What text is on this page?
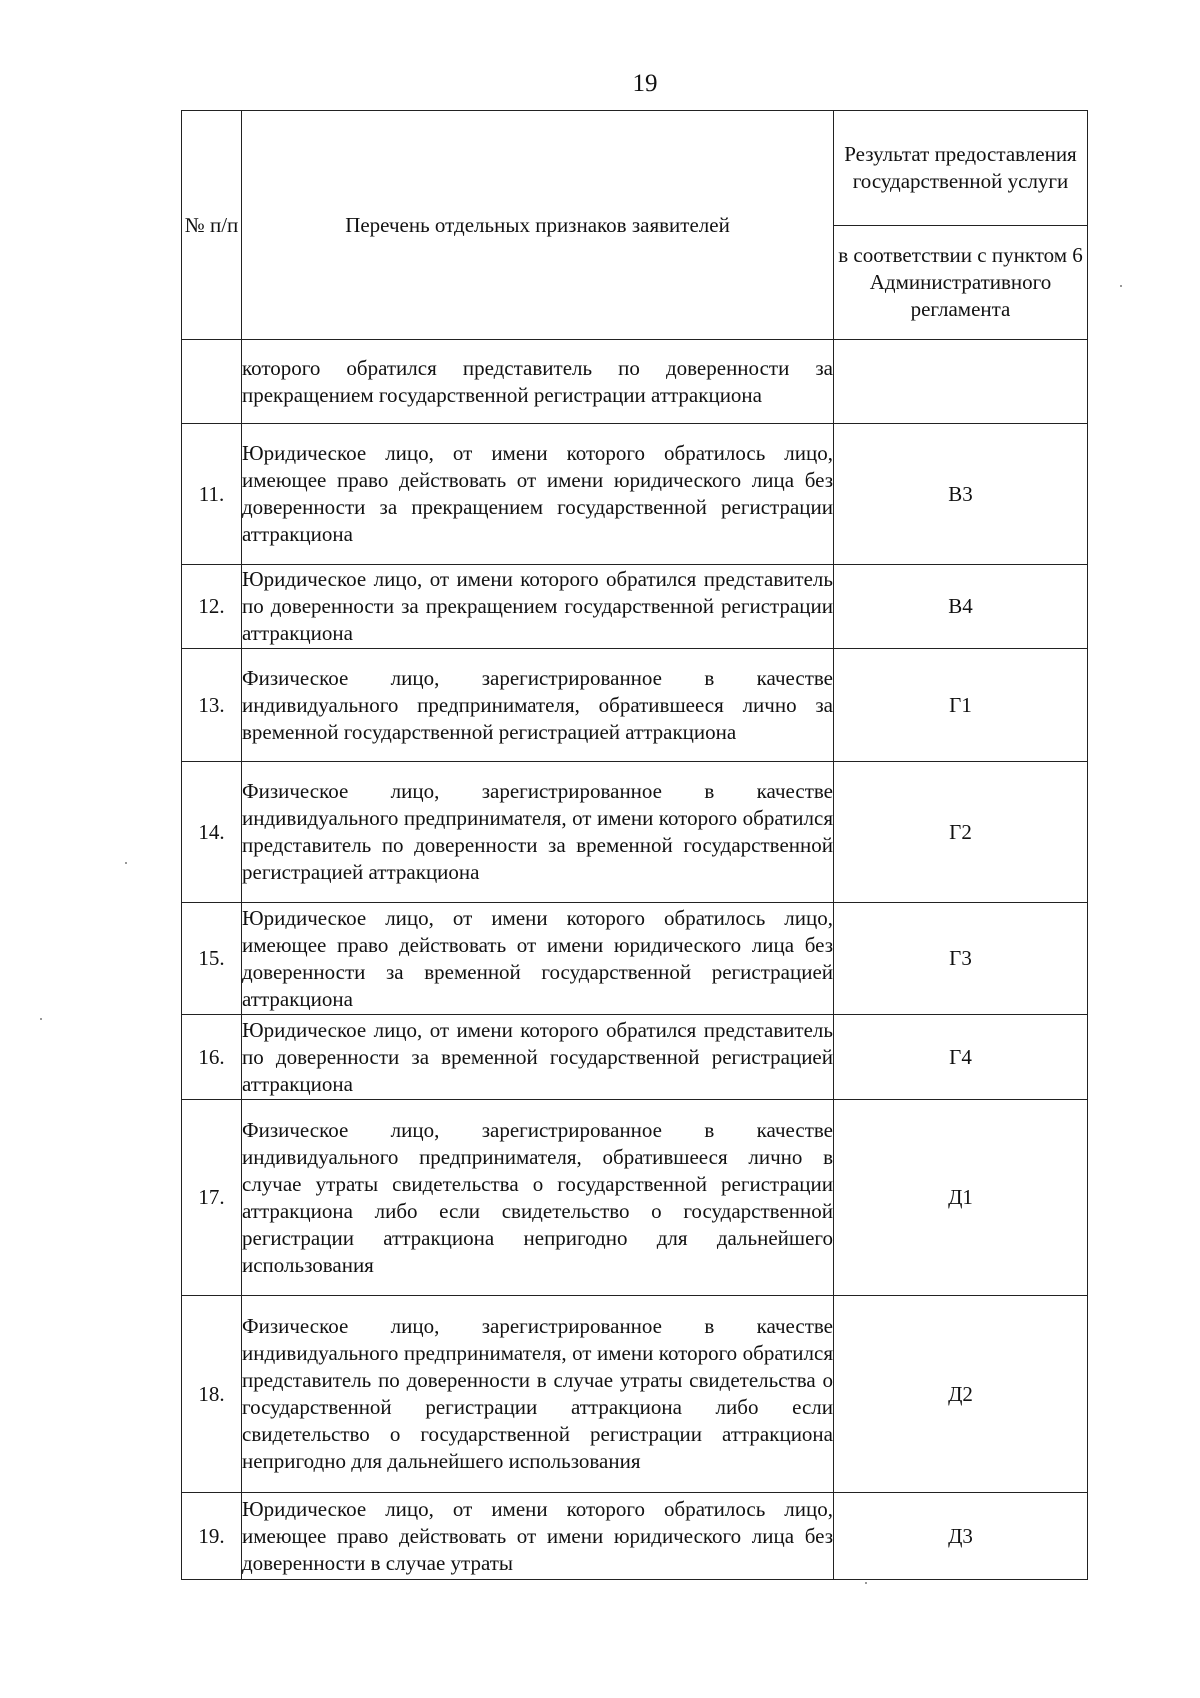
19
№ п/п	Перечень отдельных признаков заявителей	Результат предоставления государственной услуги
		в соответствии с пунктом 6 Административного регламента
	которого обратился представитель по доверенности за прекращением государственной регистрации аттракциона	
11.	Юридическое лицо, от имени которого обратилось лицо, имеющее право действовать от имени юридического лица без доверенности за прекращением государственной регистрации аттракциона	В3
12.	Юридическое лицо, от имени которого обратился представитель по доверенности за прекращением государственной регистрации аттракциона	В4
13.	Физическое лицо, зарегистрированное в качестве индивидуального предпринимателя, обратившееся лично за временной государственной регистрацией аттракциона	Г1
14.	Физическое лицо, зарегистрированное в качестве индивидуального предпринимателя, от имени которого обратился представитель по доверенности за временной государственной регистрацией аттракциона	Г2
15.	Юридическое лицо, от имени которого обратилось лицо, имеющее право действовать от имени юридического лица без доверенности за временной государственной регистрацией аттракциона	Г3
16.	Юридическое лицо, от имени которого обратился представитель по доверенности за временной государственной регистрацией аттракциона	Г4
17.	Физическое лицо, зарегистрированное в качестве индивидуального предпринимателя, обратившееся лично в случае утраты свидетельства о государственной регистрации аттракциона либо если свидетельство о государственной регистрации аттракциона непригодно для дальнейшего использования	Д1
18.	Физическое лицо, зарегистрированное в качестве индивидуального предпринимателя, от имени которого обратился представитель по доверенности в случае утраты свидетельства о государственной регистрации аттракциона либо если свидетельство о государственной регистрации аттракциона непригодно для дальнейшего использования	Д2
19.	Юридическое лицо, от имени которого обратилось лицо, имеющее право действовать от имени юридического лица без доверенности в случае утраты	Д3
